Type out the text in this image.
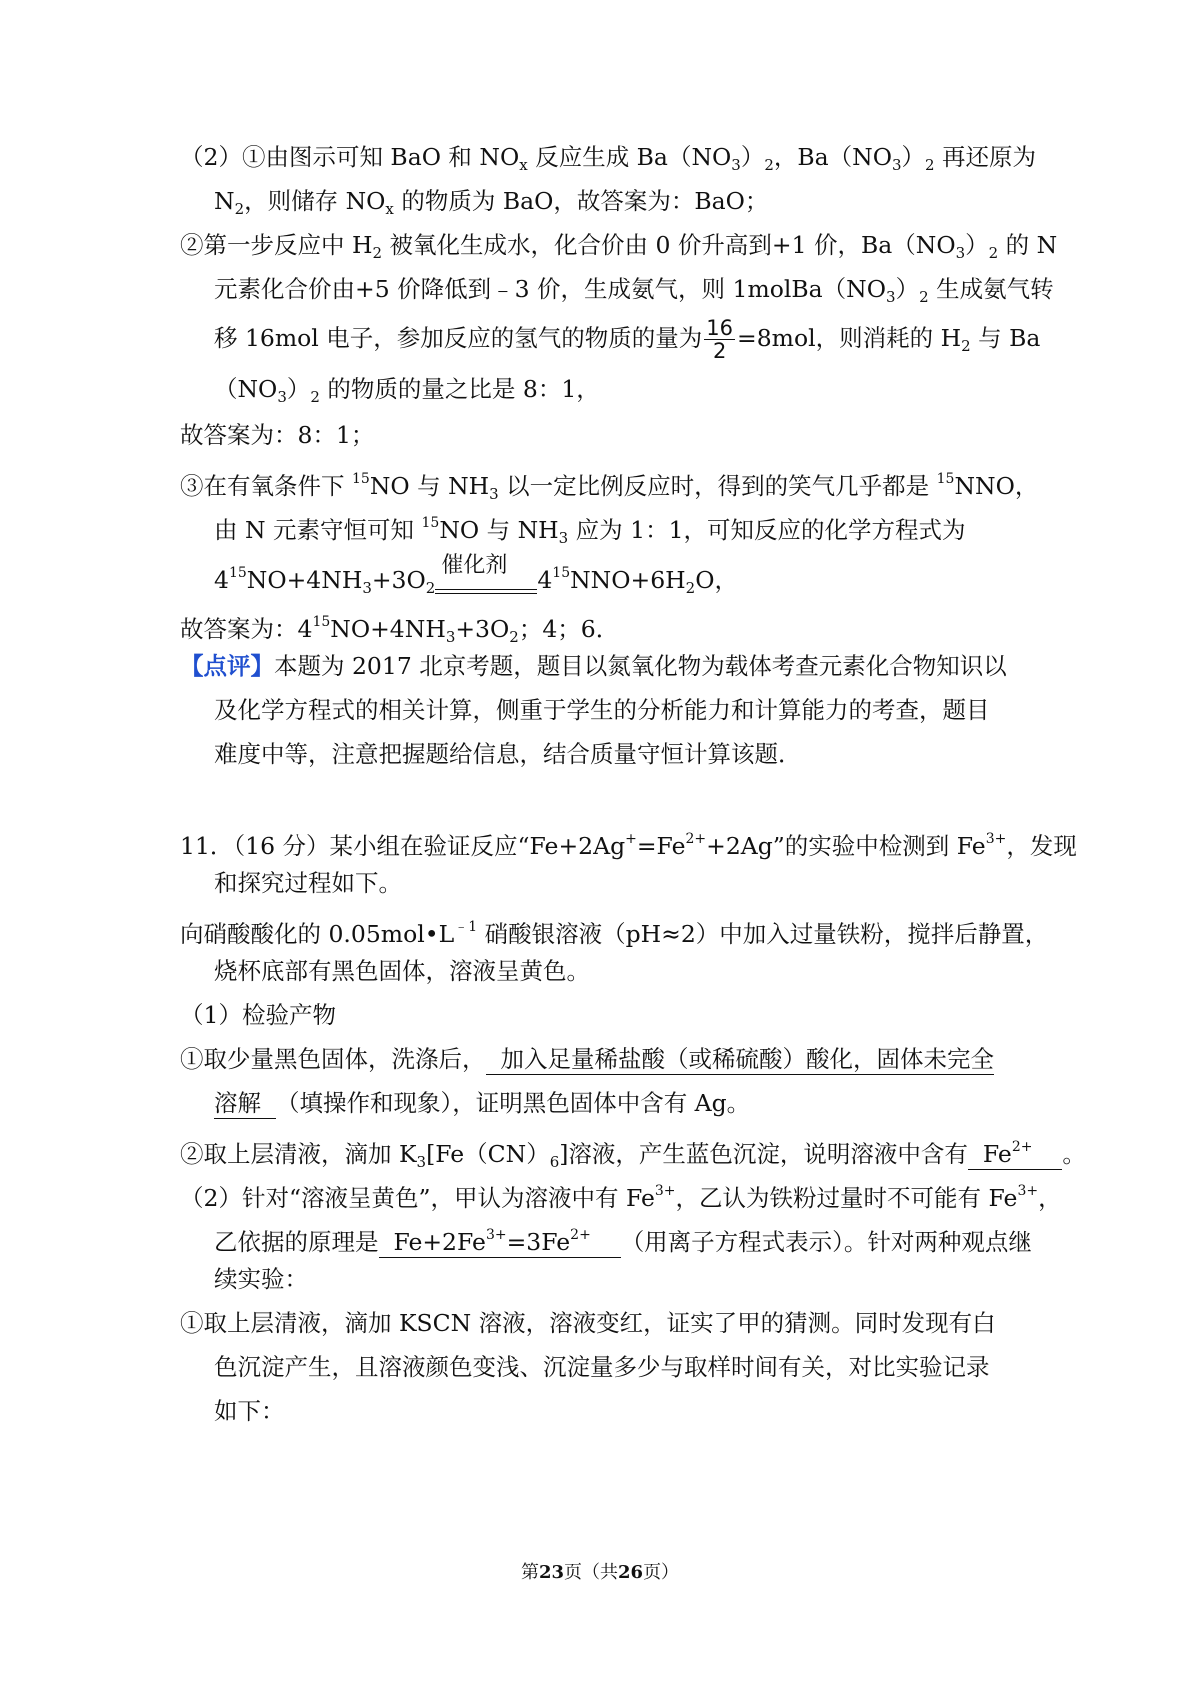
（2）①由图示可知 BaO 和 $NO_x$ 反应生成 $Ba(NO_3)_2$，$Ba(NO_3)_2$ 再还原为
$N_2$，则储存 $NO_x$ 的物质为 BaO，故答案为：BaO；
②第一步反应中 $H_2$ 被氧化生成水，化合价由 0 价升高到+1 价，$Ba(NO_3)_2$ 的 N
元素化合价由+5 价降低到﹣3 价，生成氨气，则 $1molBa(NO_3)_2$ 生成氨气转
移 16mol 电子，参加反应的氢气的物质的量为 $\frac{16}{2} =8mol$，则消耗的 $H_2$ 与 Ba
$(NO_3)_2$ 的物质的量之比是 8：1，
故答案为：8：1；
③在有氧条件下 $^{15}$NO 与 $NH_3$ 以一定比例反应时，得到的笑气几乎都是 $^{15}$NNO，
由 N 元素守恒可知 $^{15}$NO 与 $NH_3$ 应为 1：1，可知反应的化学方程式为
$4^{15}NO+4NH_3+3O_2$
催化剂
$4^{15}NNO+6H_2O$，
故答案为：$4^{15}NO+4NH_3+3O_2$；4；6．
【点评】本题为 2017 北京考题，题目以氮氧化物为载体考查元素化合物知识以
及化学方程式的相关计算，侧重于学生的分析能力和计算能力的考查，题目
难度中等，注意把握题给信息，结合质量守恒计算该题．
11．（16 分）某小组在验证反应“$Fe+2Ag^+=Fe^{2+}+2Ag$”的实验中检测到 $Fe^{3+}$，发现
和探究过程如下。
向硝酸酸化的 $0.05mol•L^{﹣1}$ 硝酸银溶液（pH≈2）中加入过量铁粉，搅拌后静置，
烧杯底部有黑色固体，溶液呈黄色。
（1）检验产物
①取少量黑色固体，洗涤后，  加入足量稀盐酸（或稀硫酸）酸化，固体未完全
溶解  （填操作和现象），证明黑色固体中含有 Ag。
②取上层清液，滴加 $K_3[Fe(CN)_6]$溶液，产生蓝色沉淀，说明溶液中含有  $Fe^{2+}$ 。
（2）针对“溶液呈黄色”，甲认为溶液中有 $Fe^{3+}$，乙认为铁粉过量时不可能有 $Fe^{3+}$，
乙依据的原理是  $Fe+2Fe^{3+}=3Fe^{2+}$ （用离子方程式表示）。针对两种观点继
续实验：
①取上层清液，滴加 KSCN 溶液，溶液变红，证实了甲的猜测。同时发现有白
色沉淀产生，且溶液颜色变浅、沉淀量多少与取样时间有关，对比实验记录
如下：
第23页（共26页）
